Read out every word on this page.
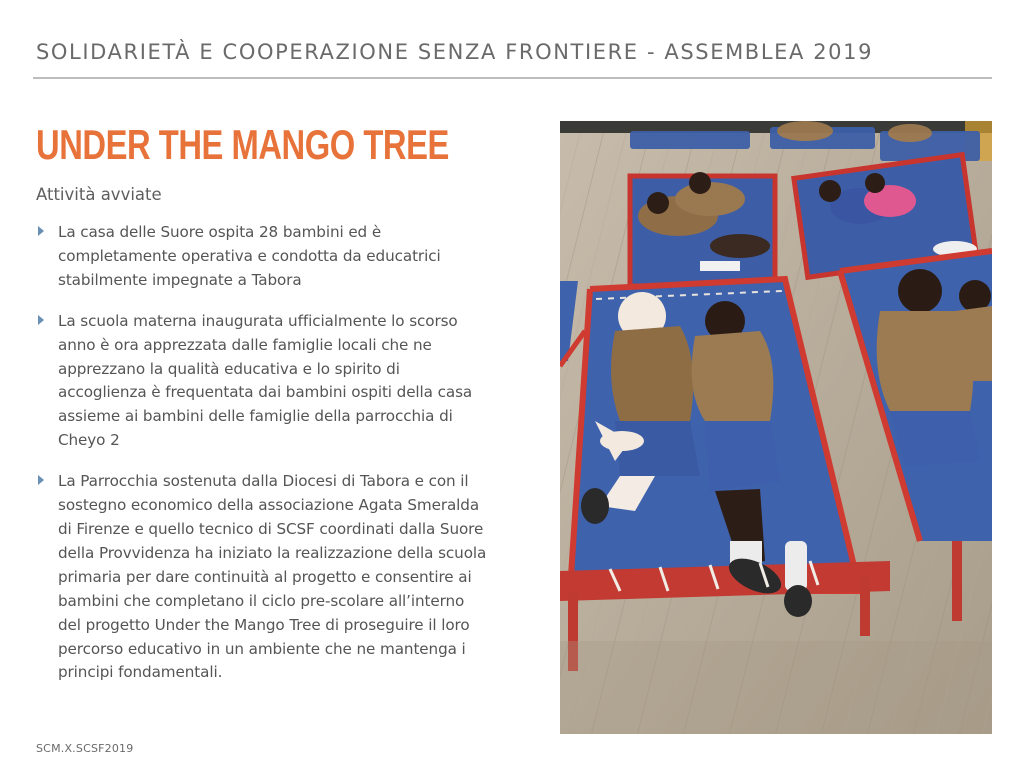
SOLIDARIETÀ E COOPERAZIONE SENZA FRONTIERE - ASSEMBLEA 2019
UNDER THE MANGO TREE
Attività avviate
La casa delle Suore ospita 28 bambini ed è
completamente operativa e condotta da educatrici
stabilmente impegnate a Tabora
La scuola materna inaugurata ufficialmente lo scorso
anno è ora apprezzata dalle famiglie locali che ne
apprezzano la qualità educativa e lo spirito di
accoglienza è frequentata dai bambini ospiti della casa
assieme ai bambini delle famiglie della parrocchia di
Cheyo 2
La Parrocchia sostenuta dalla Diocesi di Tabora e con il
sostegno economico della associazione Agata Smeralda
di Firenze e quello tecnico di SCSF coordinati dalla Suore
della Provvidenza ha iniziato la realizzazione della scuola
primaria per dare continuità al progetto e consentire ai
bambini che completano il ciclo pre-scolare all’interno
del progetto Under the Mango Tree di proseguire il loro
percorso educativo in un ambiente che ne mantenga i
principi fondamentali.
SCM.X.SCSF2019
